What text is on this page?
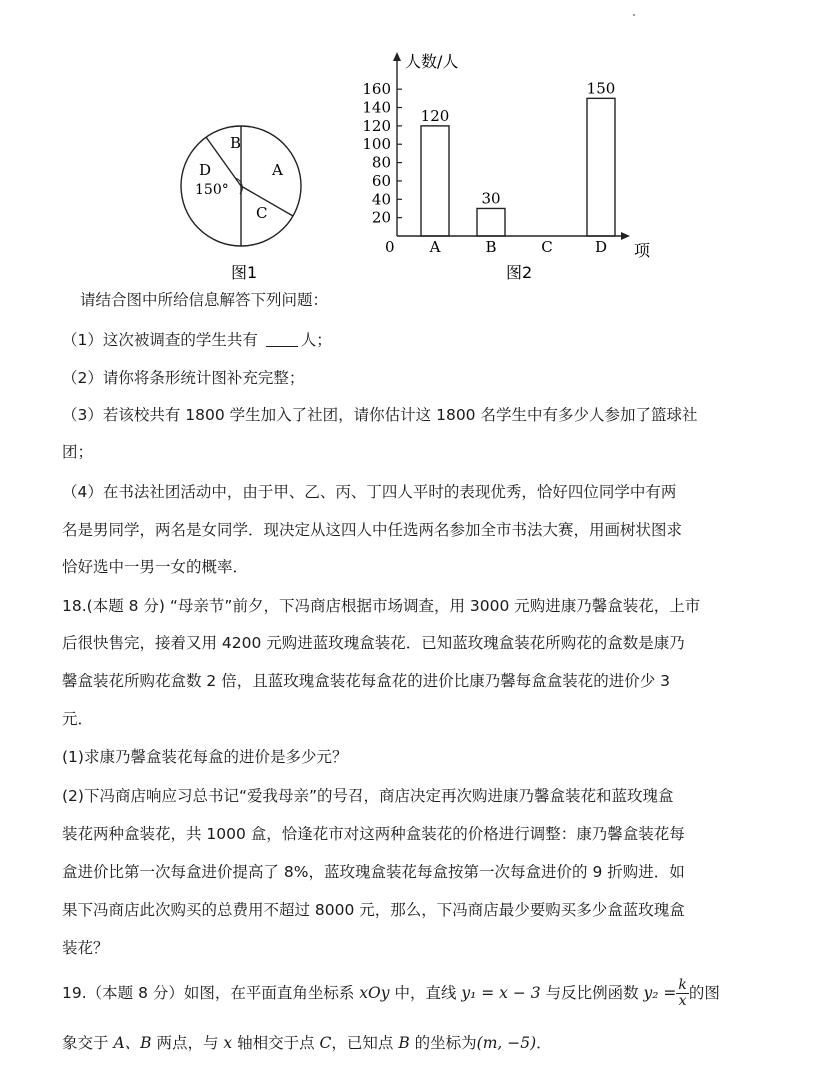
B
A
C
D
150°
图1
人数/人
项
0
图2
20
40
60
80
100
120
140
160
A
120
B
30
C	D
150
请结合图中所给信息解答下列问题：
（1）这次被调查的学生共有 人；
（2）请你将条形统计图补充完整；
（3）若该校共有 1800 学生加入了社团，请你估计这 1800 名学生中有多少人参加了篮球社
团；
（4）在书法社团活动中，由于甲、乙、丙、丁四人平时的表现优秀，恰好四位同学中有两
名是男同学，两名是女同学．现决定从这四人中任选两名参加全市书法大赛，用画树状图求
恰好选中一男一女的概率．
18.(本题 8 分) “母亲节”前夕，下冯商店根据市场调查，用 3000 元购进康乃馨盒装花，上市
后很快售完，接着又用 4200 元购进蓝玫瑰盒装花．已知蓝玫瑰盒装花所购花的盒数是康乃
馨盒装花所购花盒数 2 倍，且蓝玫瑰盒装花每盒花的进价比康乃馨每盒盒装花的进价少 3
元．
(1)求康乃馨盒装花每盒的进价是多少元？
(2)下冯商店响应习总书记“爱我母亲”的号召，商店决定再次购进康乃馨盒装花和蓝玫瑰盒
装花两种盒装花，共 1000 盒，恰逢花市对这两种盒装花的价格进行调整：康乃馨盒装花每
盒进价比第一次每盒进价提高了 8%，蓝玫瑰盒装花每盒按第一次每盒进价的 9 折购进．如
果下冯商店此次购买的总费用不超过 8000 元，那么，下冯商店最少要购买多少盒蓝玫瑰盒
装花？
19.（本题 8 分）如图，在平面直角坐标系 xOy 中，直线 y₁ = x − 3 与反比例函数 $y_2 = \frac{k}{x}$ 的图
象交于 A、B 两点，与 x 轴相交于点 C，已知点 B 的坐标为(m, −5)．
